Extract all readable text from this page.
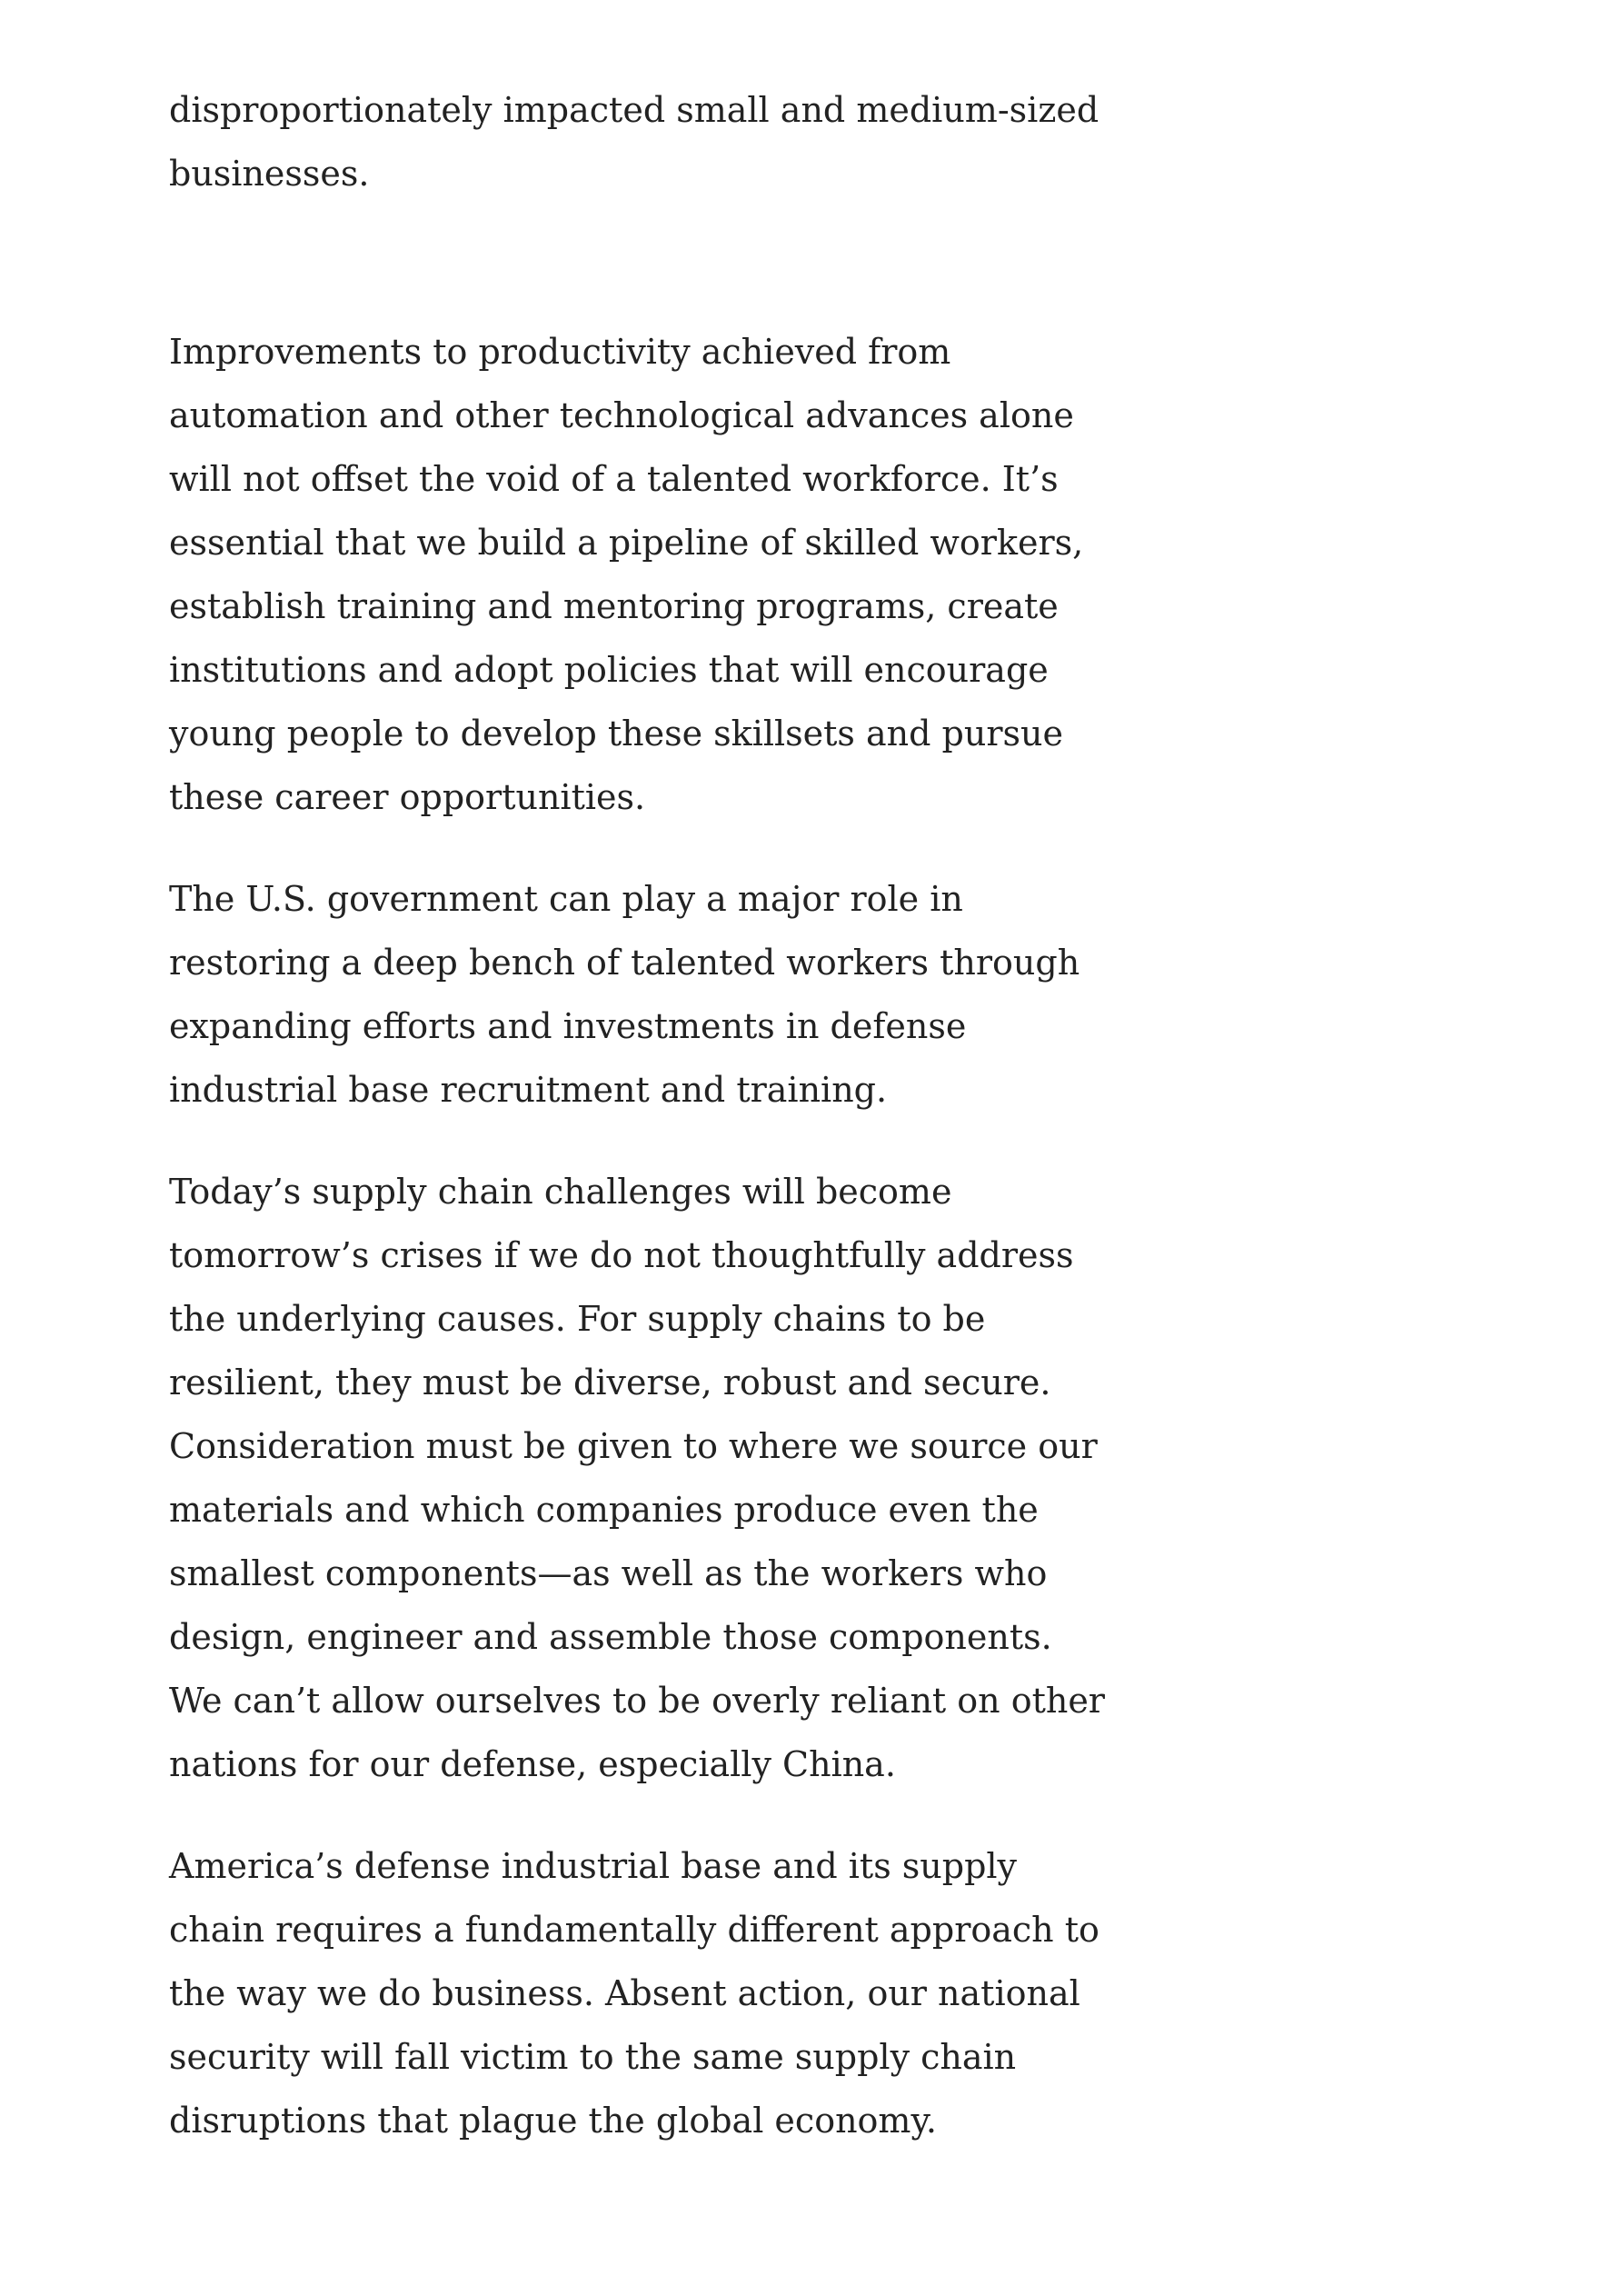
disproportionately impacted small and medium-sized businesses.

Improvements to productivity achieved from automation and other technological advances alone will not offset the void of a talented workforce. It’s essential that we build a pipeline of skilled workers, establish training and mentoring programs, create institutions and adopt policies that will encourage young people to develop these skillsets and pursue these career opportunities.

The U.S. government can play a major role in restoring a deep bench of talented workers through expanding efforts and investments in defense industrial base recruitment and training.

Today’s supply chain challenges will become tomorrow’s crises if we do not thoughtfully address the underlying causes. For supply chains to be resilient, they must be diverse, robust and secure. Consideration must be given to where we source our materials and which companies produce even the smallest components—as well as the workers who design, engineer and assemble those components. We can’t allow ourselves to be overly reliant on other nations for our defense, especially China.

America’s defense industrial base and its supply chain requires a fundamentally different approach to the way we do business. Absent action, our national security will fall victim to the same supply chain disruptions that plague the global economy.
